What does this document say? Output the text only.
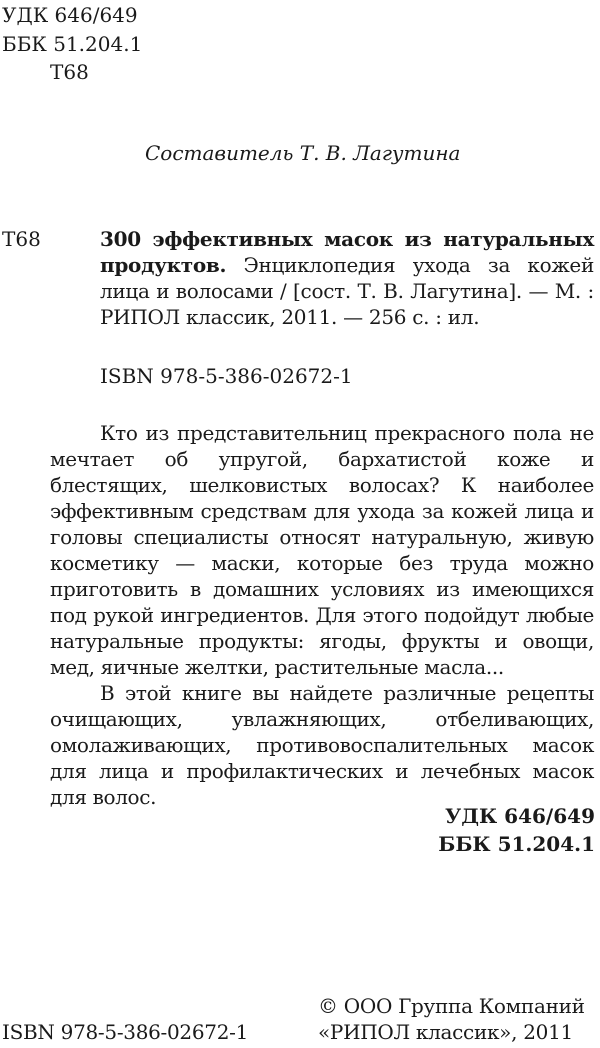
УДК 646/649
ББК 51.204.1
Т68
Составитель Т. В. Лагутина
Т68	300 эффективных масок из натуральных продуктов. Энциклопедия ухода за кожей лица и волосами / [сост. Т. В. Лагутина]. — М. : РИПОЛ классик, 2011. — 256 с. : ил.
ISBN 978-5-386-02672-1

Кто из представительниц прекрасного пола не мечтает об упругой, бархатистой коже и блестящих, шелковистых волосах? К наиболее эффективным средствам для ухода за кожей лица и головы специалисты относят натуральную, живую косметику — маски, которые без труда можно приготовить в домашних условиях из имеющихся под рукой ингредиентов. Для этого подойдут любые натуральные продукты: ягоды, фрукты и овощи, мед, яичные желтки, растительные масла...

В этой книге вы найдете различные рецепты очищающих, увлажняющих, отбеливающих, омолаживающих, противовоспалительных масок для лица и профилактических и лечебных масок для волос.

УДК 646/649
ББК 51.204.1
© ООО Группа Компаний
ISBN 978-5-386-02672-1	«РИПОЛ классик», 2011
